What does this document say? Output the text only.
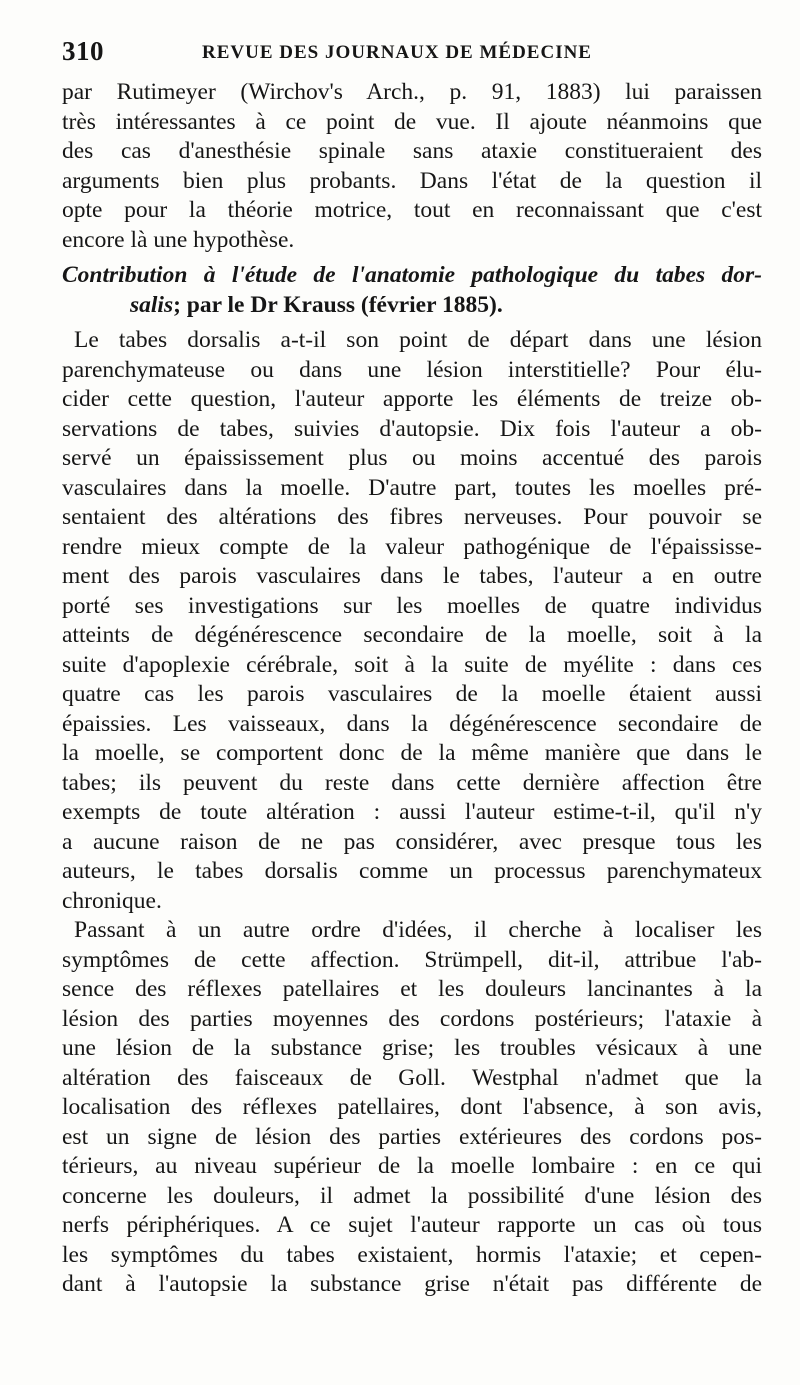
310	REVUE DES JOURNAUX DE MÉDECINE
par Rutimeyer (Wirchov's Arch., p. 91, 1883) lui paraissen
très intéressantes à ce point de vue. Il ajoute néanmoins que
des cas d'anesthésie spinale sans ataxie constitueraient des
arguments bien plus probants. Dans l'état de la question il
opte pour la théorie motrice, tout en reconnaissant que c'est
encore là une hypothèse.
Contribution à l'étude de l'anatomie pathologique du tabes dor-
salis; par le Dr Krauss (février 1885).
Le tabes dorsalis a-t-il son point de départ dans une lésion
parenchymateuse ou dans une lésion interstitielle? Pour élu-
cider cette question, l'auteur apporte les éléments de treize ob-
servations de tabes, suivies d'autopsie. Dix fois l'auteur a ob-
servé un épaississement plus ou moins accentué des parois
vasculaires dans la moelle. D'autre part, toutes les moelles pré-
sentaient des altérations des fibres nerveuses. Pour pouvoir se
rendre mieux compte de la valeur pathogénique de l'épaississe-
ment des parois vasculaires dans le tabes, l'auteur a en outre
porté ses investigations sur les moelles de quatre individus
atteints de dégénérescence secondaire de la moelle, soit à la
suite d'apoplexie cérébrale, soit à la suite de myélite : dans ces
quatre cas les parois vasculaires de la moelle étaient aussi
épaissies. Les vaisseaux, dans la dégénérescence secondaire de
la moelle, se comportent donc de la même manière que dans le
tabes; ils peuvent du reste dans cette dernière affection être
exempts de toute altération : aussi l'auteur estime-t-il, qu'il n'y
a aucune raison de ne pas considérer, avec presque tous les
auteurs, le tabes dorsalis comme un processus parenchymateux
chronique.
Passant à un autre ordre d'idées, il cherche à localiser les
symptômes de cette affection. Strümpell, dit-il, attribue l'ab-
sence des réflexes patellaires et les douleurs lancinantes à la
lésion des parties moyennes des cordons postérieurs; l'ataxie à
une lésion de la substance grise; les troubles vésicaux à une
altération des faisceaux de Goll. Westphal n'admet que la
localisation des réflexes patellaires, dont l'absence, à son avis,
est un signe de lésion des parties extérieures des cordons pos-
térieurs, au niveau supérieur de la moelle lombaire : en ce qui
concerne les douleurs, il admet la possibilité d'une lésion des
nerfs périphériques. A ce sujet l'auteur rapporte un cas où tous
les symptômes du tabes existaient, hormis l'ataxie; et cepen-
dant à l'autopsie la substance grise n'était pas différente de
